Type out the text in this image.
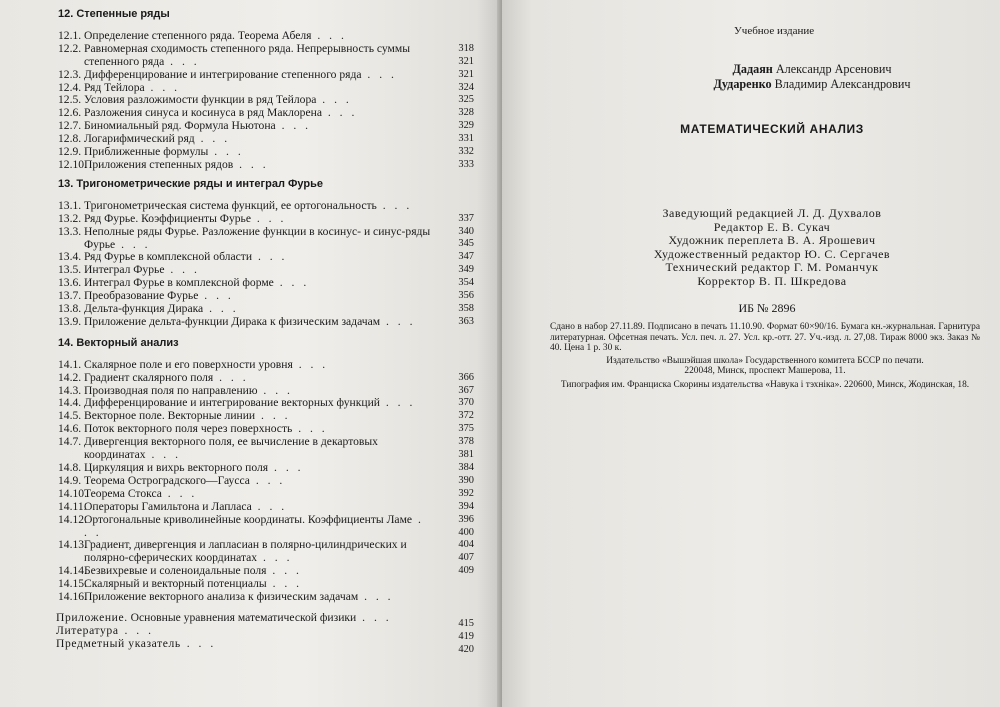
12. Степенные ряды
12.1. Определение степенного ряда. Теорема Абеля . . .
12.2. Равномерная сходимость степенного ряда. Непрерывность суммы степенного ряда . . .
12.3. Дифференцирование и интегрирование степенного ряда . . .
12.4. Ряд Тейлора . . .
12.5. Условия разложимости функции в ряд Тейлора . . .
12.6. Разложения синуса и косинуса в ряд Маклорена . . .
12.7. Биномиальный ряд. Формула Ньютона . . .
12.8. Логарифмический ряд . . .
12.9. Приближенные формулы . . .
12.10.
Приложения степенных рядов . . .
318
321
321
324
325
328
329
331
332
333
13. Тригонометрические ряды и интеграл Фурье
13.1. Тригонометрическая система функций, ее ортогональность . . .
13.2. Ряд Фурье. Коэффициенты Фурье . . .
13.3. Неполные ряды Фурье. Разложение функции в косинус- и синус-ряды Фурье . . .
13.4. Ряд Фурье в комплексной области . . .
13.5. Интеграл Фурье . . .
13.6. Интеграл Фурье в комплексной форме . . .
13.7. Преобразование Фурье . . .
13.8. Дельта-функция Дирака . . .
13.9. Приложение дельта-функции Дирака к физическим задачам . . .
337
340
345
347
349
354
356
358
363
14. Векторный анализ
14.1. Скалярное поле и его поверхности уровня . . .
14.2. Градиент скалярного поля . . .
14.3. Производная поля по направлению . . .
14.4. Дифференцирование и интегрирование векторных функций . . .
14.5. Векторное поле. Векторные линии . . .
14.6. Поток векторного поля через поверхность . . .
14.7. Дивергенция векторного поля, ее вычисление в декартовых координатах . . .
14.8. Циркуляция и вихрь векторного поля . . .
14.9. Теорема Остроградского—Гаусса . . .
14.10.
Теорема Стокса . . .
14.11.
Операторы Гамильтона и Лапласа . . .
14.12.
Ортогональные криволинейные координаты. Коэффициенты Ламе . . .
14.13.
Градиент, дивергенция и лапласиан в полярно-цилиндрических и полярно-сферических координатах . . .
14.14.
Безвихревые и соленоидальные поля . . .
14.15.
Скалярный и векторный потенциалы . . .
14.16.
Приложение векторного анализа к физическим задачам . . .
366
367
370
372
375
378
381
384
390
392
394
396
400
404
407
409
Приложение. Основные уравнения математической физики . . .
Литература . . .
Предметный указатель . . .
415
419
420
Учебное издание
Дадаян Александр Арсенович
Дударенко Владимир Александрович
МАТЕМАТИЧЕСКИЙ АНАЛИЗ
Заведующий редакцией Л. Д. Духвалов
Редактор Е. В. Сукач
Художник переплета В. А. Ярошевич
Художественный редактор Ю. С. Сергачев
Технический редактор Г. М. Романчук
Корректор В. П. Шкредова
ИБ № 2896

Сдано в набор 27.11.89. Подписано в печать 11.10.90. Формат 60×90/16. Бумага кн.-журнальная. Гарнитура литературная. Офсетная печать. Усл. печ. л. 27. Усл. кр.-отт. 27. Уч.-изд. л. 27,08. Тираж 8000 экз. Заказ № 40. Цена 1 р. 30 к.

Издательство «Вышэйшая школа» Государственного комитета БССР по печати.
220048, Минск, проспект Машерова, 11.

Типография им. Франциска Скорины издательства «Навука і тэхніка». 220600, Минск, Жодинская, 18.
